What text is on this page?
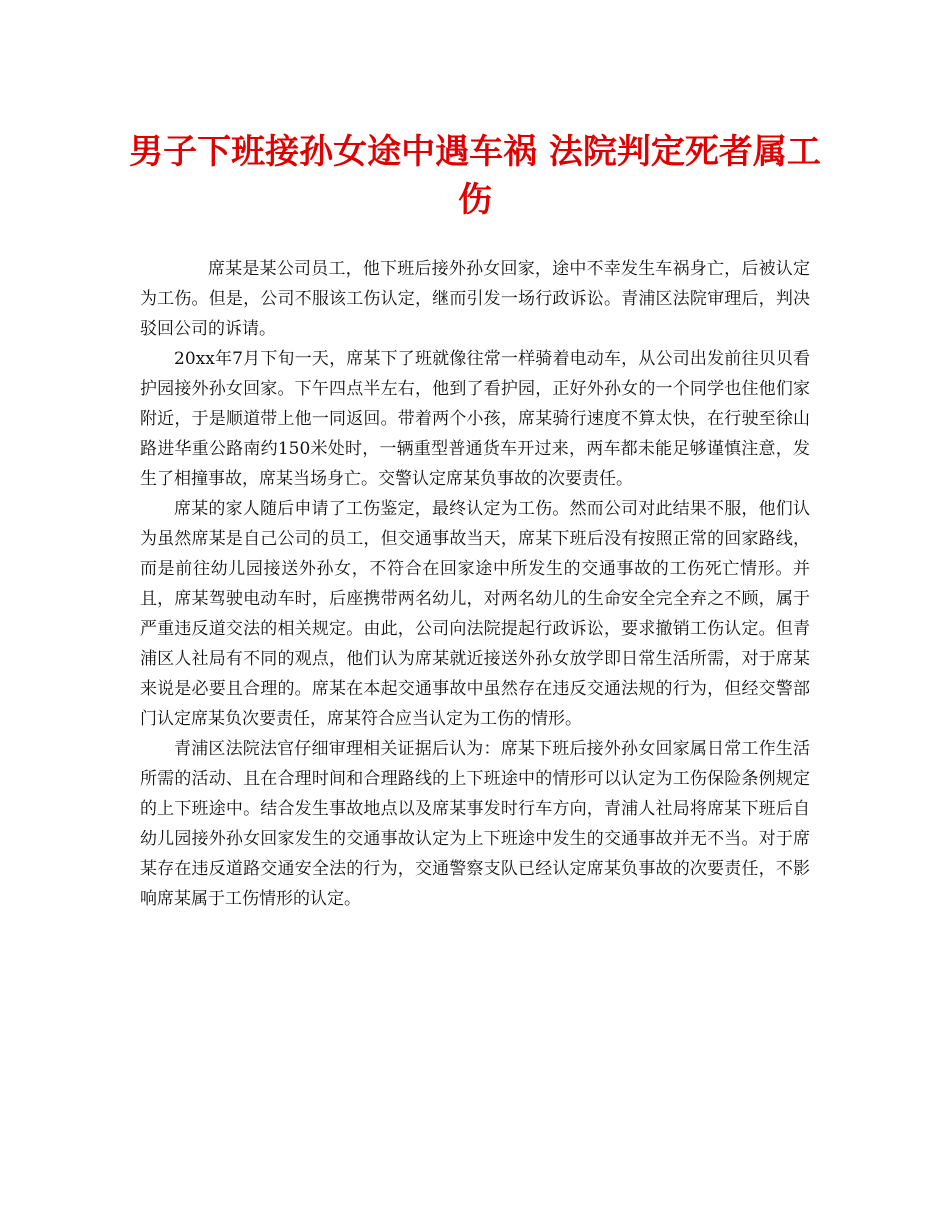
男子下班接孙女途中遇车祸 法院判定死者属工伤

席某是某公司员工，他下班后接外孙女回家，途中不幸发生车祸身亡，后被认定为工伤。但是，公司不服该工伤认定，继而引发一场行政诉讼。青浦区法院审理后，判决驳回公司的诉请。

20xx年7月下旬一天，席某下了班就像往常一样骑着电动车，从公司出发前往贝贝看护园接外孙女回家。下午四点半左右，他到了看护园，正好外孙女的一个同学也住他们家附近，于是顺道带上他一同返回。带着两个小孩，席某骑行速度不算太快，在行驶至徐山路进华重公路南约150米处时，一辆重型普通货车开过来，两车都未能足够谨慎注意，发生了相撞事故，席某当场身亡。交警认定席某负事故的次要责任。

席某的家人随后申请了工伤鉴定，最终认定为工伤。然而公司对此结果不服，他们认为虽然席某是自己公司的员工，但交通事故当天，席某下班后没有按照正常的回家路线，而是前往幼儿园接送外孙女，不符合在回家途中所发生的交通事故的工伤死亡情形。并且，席某驾驶电动车时，后座携带两名幼儿，对两名幼儿的生命安全完全弃之不顾，属于严重违反道交法的相关规定。由此，公司向法院提起行政诉讼，要求撤销工伤认定。但青浦区人社局有不同的观点，他们认为席某就近接送外孙女放学即日常生活所需，对于席某来说是必要且合理的。席某在本起交通事故中虽然存在违反交通法规的行为，但经交警部门认定席某负次要责任，席某符合应当认定为工伤的情形。

青浦区法院法官仔细审理相关证据后认为：席某下班后接外孙女回家属日常工作生活所需的活动、且在合理时间和合理路线的上下班途中的情形可以认定为工伤保险条例规定的上下班途中。结合发生事故地点以及席某事发时行车方向，青浦人社局将席某下班后自幼儿园接外孙女回家发生的交通事故认定为上下班途中发生的交通事故并无不当。对于席某存在违反道路交通安全法的行为，交通警察支队已经认定席某负事故的次要责任，不影响席某属于工伤情形的认定。
